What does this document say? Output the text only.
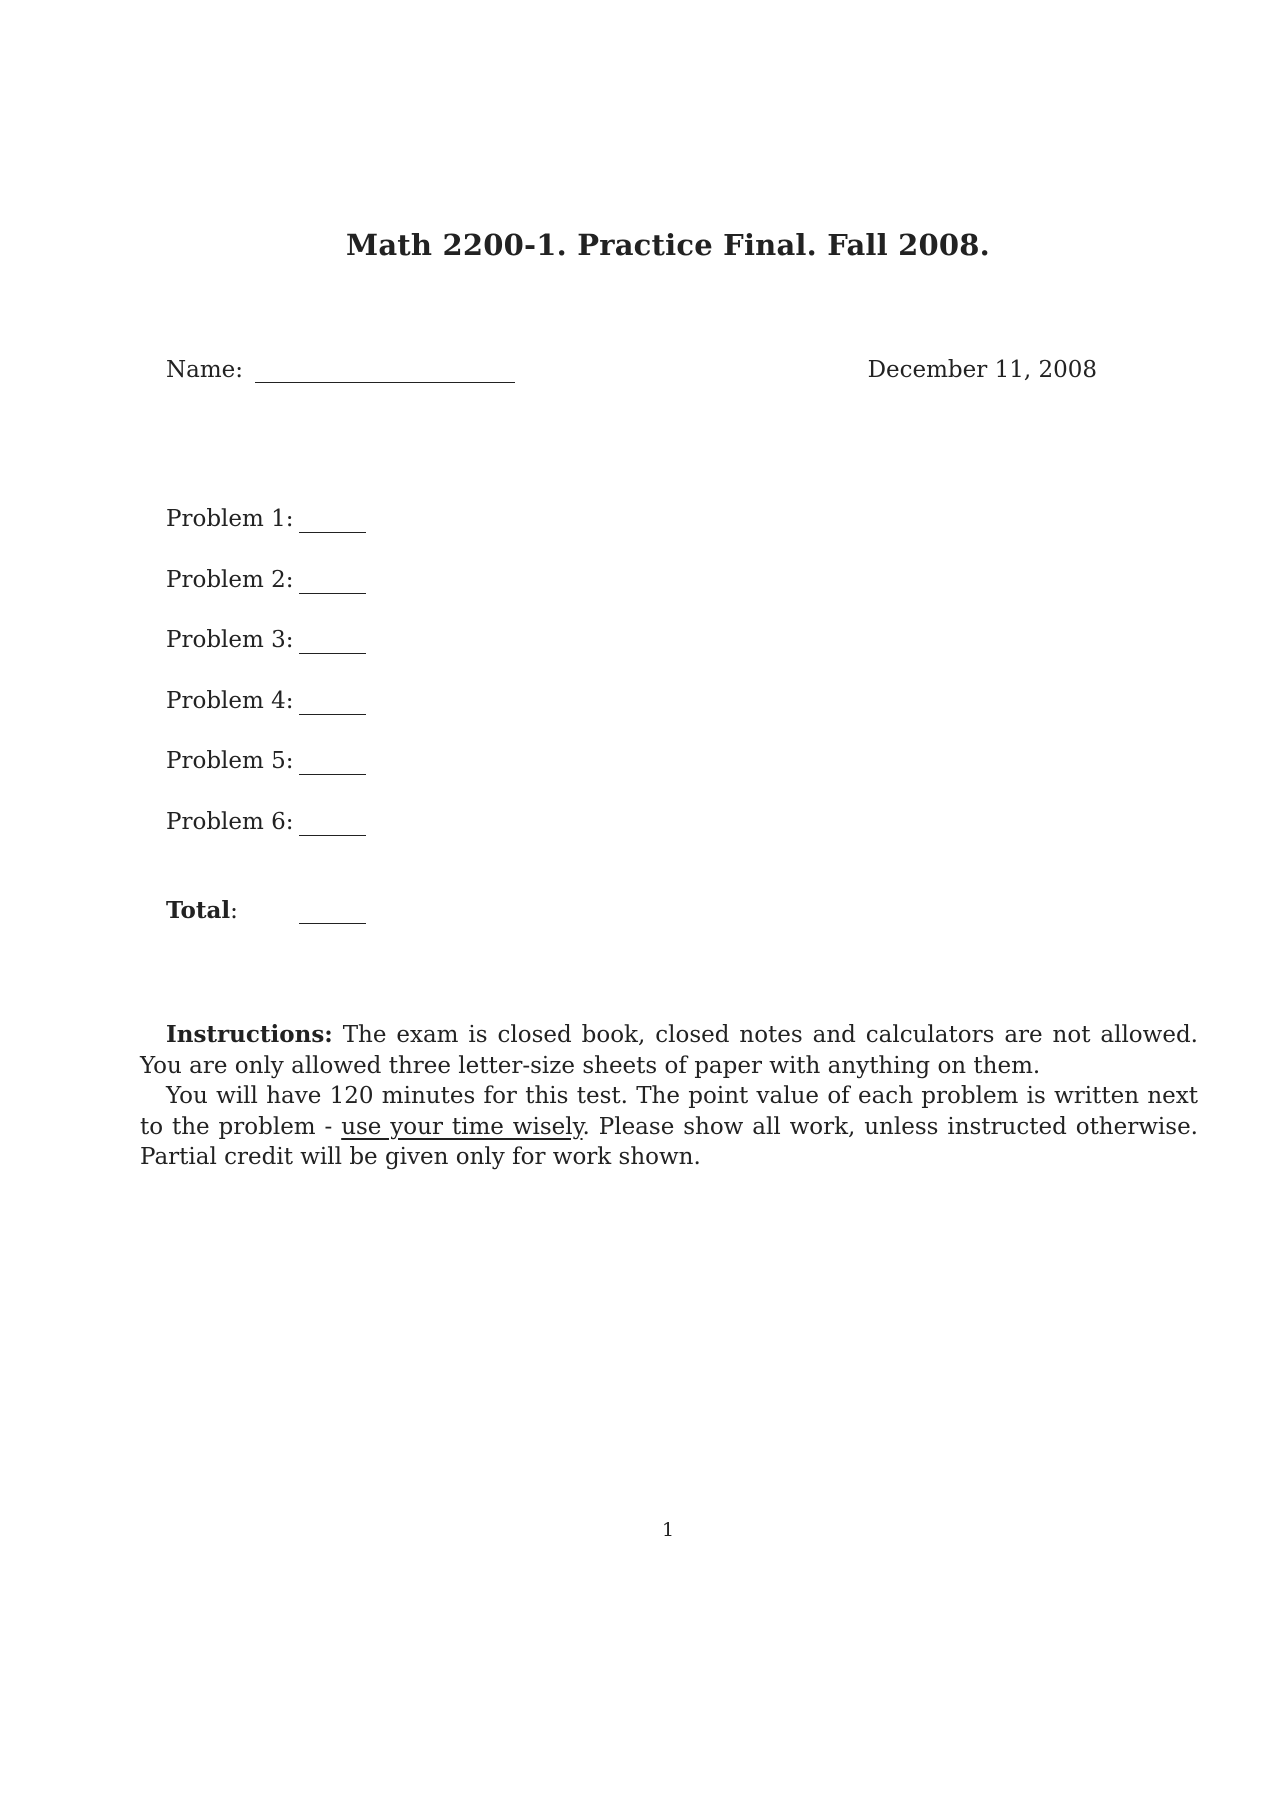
Math 2200-1. Practice Final. Fall 2008.
Name:	December 11, 2008
Problem 1:
Problem 2:
Problem 3:
Problem 4:
Problem 5:
Problem 6:
Total:

Instructions: The exam is closed book, closed notes and calculators are not allowed. You are only allowed three letter-size sheets of paper with anything on them.

You will have 120 minutes for this test. The point value of each problem is written next to the problem - use your time wisely. Please show all work, unless instructed otherwise. Partial credit will be given only for work shown.

1
